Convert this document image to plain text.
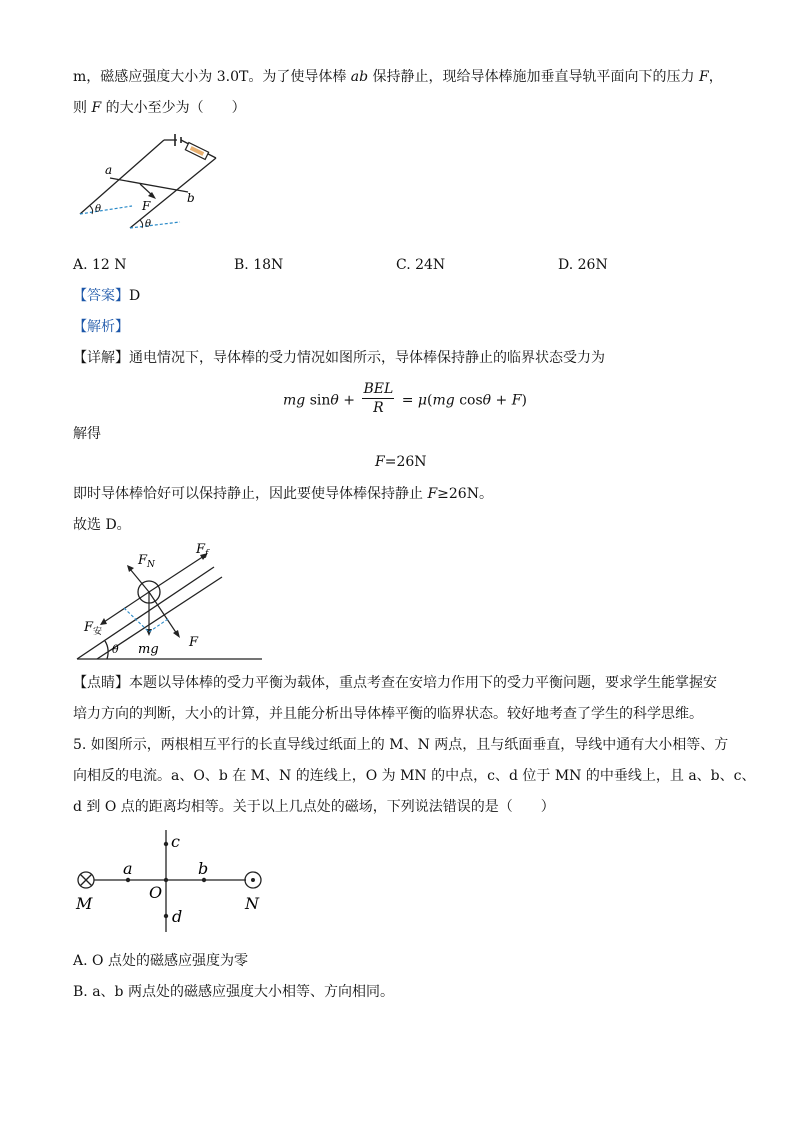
m，磁感应强度大小为 3.0T。为了使导体棒 ab 保持静止，现给导体棒施加垂直导轨平面向下的压力 F，
则 F 的大小至少为（　　）
a
b
F
θ
θ
A. 12 N	B. 18N	C. 24N	D. 26N
【答案】D
【解析】
【详解】通电情况下，导体棒的受力情况如图所示，导体棒保持静止的临界状态受力为
mg sinθ +
BEL
R	= μ(mg cosθ + F)
解得
F=26N
即时导体棒恰好可以保持静止，因此要使导体棒保持静止 F≥26N。
故选 D。
$F_N$
$F_f$
$F_安$
mg F
θ
【点睛】本题以导体棒的受力平衡为载体，重点考查在安培力作用下的受力平衡问题，要求学生能掌握安
培力方向的判断，大小的计算，并且能分析出导体棒平衡的临界状态。较好地考查了学生的科学思维。
5. 如图所示，两根相互平行的长直导线过纸面上的 M、N 两点，且与纸面垂直，导线中通有大小相等、方
向相反的电流。a、O、b 在 M、N 的连线上，O 为 MN 的中点，c、d 位于 MN 的中垂线上，且 a、b、c、
d 到 O 点的距离均相等。关于以上几点处的磁场，下列说法错误的是（　　）
c
a	b
O
d
M	N
A. O 点处的磁感应强度为零
B. a、b 两点处的磁感应强度大小相等、方向相同。
